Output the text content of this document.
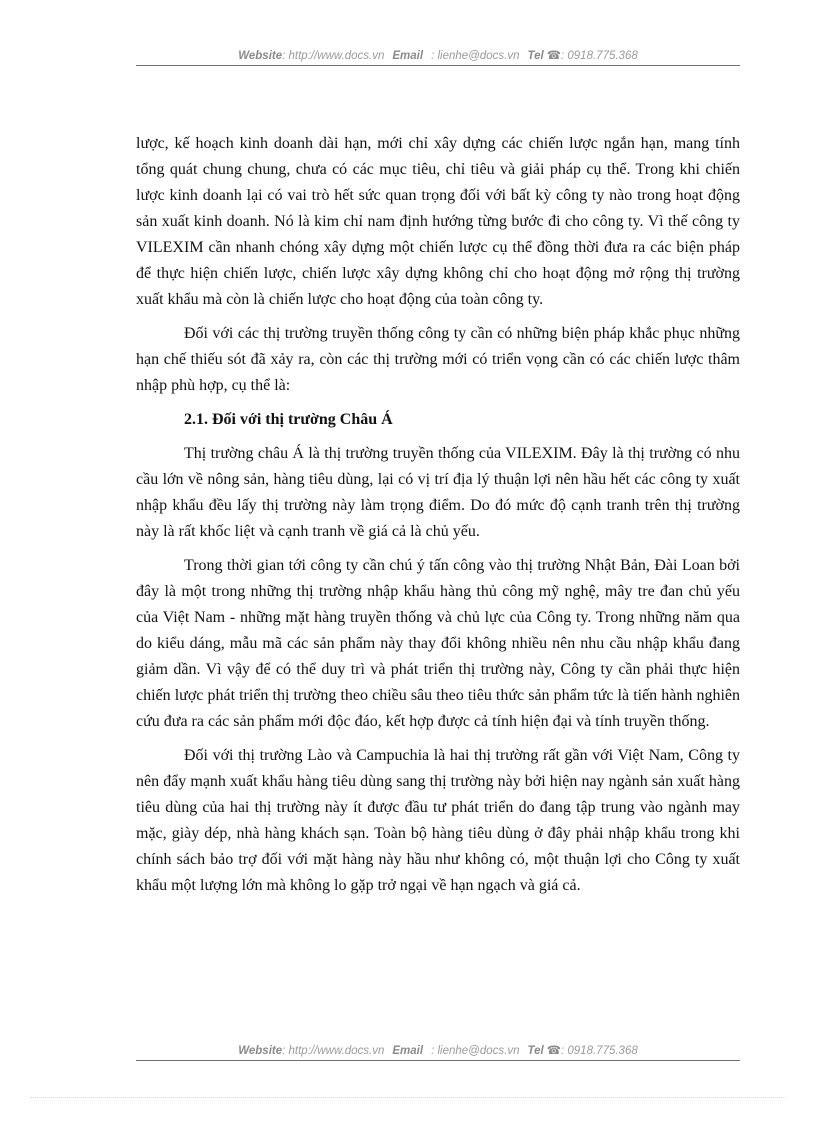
Website: http://www.docs.vn Email : lienhe@docs.vn Tel ☎: 0918.775.368

lược, kế hoạch kinh doanh dài hạn, mới chỉ xây dựng các chiến lược ngắn hạn, mang tính tổng quát chung chung, chưa có các mục tiêu, chỉ tiêu và giải pháp cụ thể. Trong khi chiến lược kinh doanh lại có vai trò hết sức quan trọng đối với bất kỳ công ty nào trong hoạt động sản xuất kinh doanh. Nó là kim chỉ nam định hướng từng bước đi cho công ty. Vì thế công ty VILEXIM cần nhanh chóng xây dựng một chiến lược cụ thể đồng thời đưa ra các biện pháp để thực hiện chiến lược, chiến lược xây dựng không chỉ cho hoạt động mở rộng thị trường xuất khẩu mà còn là chiến lược cho hoạt động của toàn công ty.

Đối với các thị trường truyền thống công ty cần có những biện pháp khắc phục những hạn chế thiếu sót đã xảy ra, còn các thị trường mới có triển vọng cần có các chiến lược thâm nhập phù hợp, cụ thể là:

2.1. Đối với thị trường Châu Á

Thị trường châu Á là thị trường truyền thống của VILEXIM. Đây là thị trường có nhu cầu lớn về nông sản, hàng tiêu dùng, lại có vị trí địa lý thuận lợi nên hầu hết các công ty xuất nhập khẩu đều lấy thị trường này làm trọng điểm. Do đó mức độ cạnh tranh trên thị trường này là rất khốc liệt và cạnh tranh về giá cả là chủ yếu.

Trong thời gian tới công ty cần chú ý tấn công vào thị trường Nhật Bản, Đài Loan bởi đây là một trong những thị trường nhập khẩu hàng thủ công mỹ nghệ, mây tre đan chủ yếu của Việt Nam - những mặt hàng truyền thống và chủ lực của Công ty. Trong những năm qua do kiểu dáng, mẫu mã các sản phẩm này thay đổi không nhiều nên nhu cầu nhập khẩu đang giảm dần. Vì vậy để có thể duy trì và phát triển thị trường này, Công ty cần phải thực hiện chiến lược phát triển thị trường theo chiều sâu theo tiêu thức sản phẩm tức là tiến hành nghiên cứu đưa ra các sản phẩm mới độc đáo, kết hợp được cả tính hiện đại và tính truyền thống.

Đối với thị trường Lào và Campuchia là hai thị trường rất gần với Việt Nam, Công ty nên đẩy mạnh xuất khẩu hàng tiêu dùng sang thị trường này bởi hiện nay ngành sản xuất hàng tiêu dùng của hai thị trường này ít được đầu tư phát triển do đang tập trung vào ngành may mặc, giày dép, nhà hàng khách sạn. Toàn bộ hàng tiêu dùng ở đây phải nhập khẩu trong khi chính sách bảo trợ đối với mặt hàng này hầu như không có, một thuận lợi cho Công ty xuất khẩu một lượng lớn mà không lo gặp trở ngại về hạn ngạch và giá cả.

Website: http://www.docs.vn Email : lienhe@docs.vn Tel ☎: 0918.775.368
